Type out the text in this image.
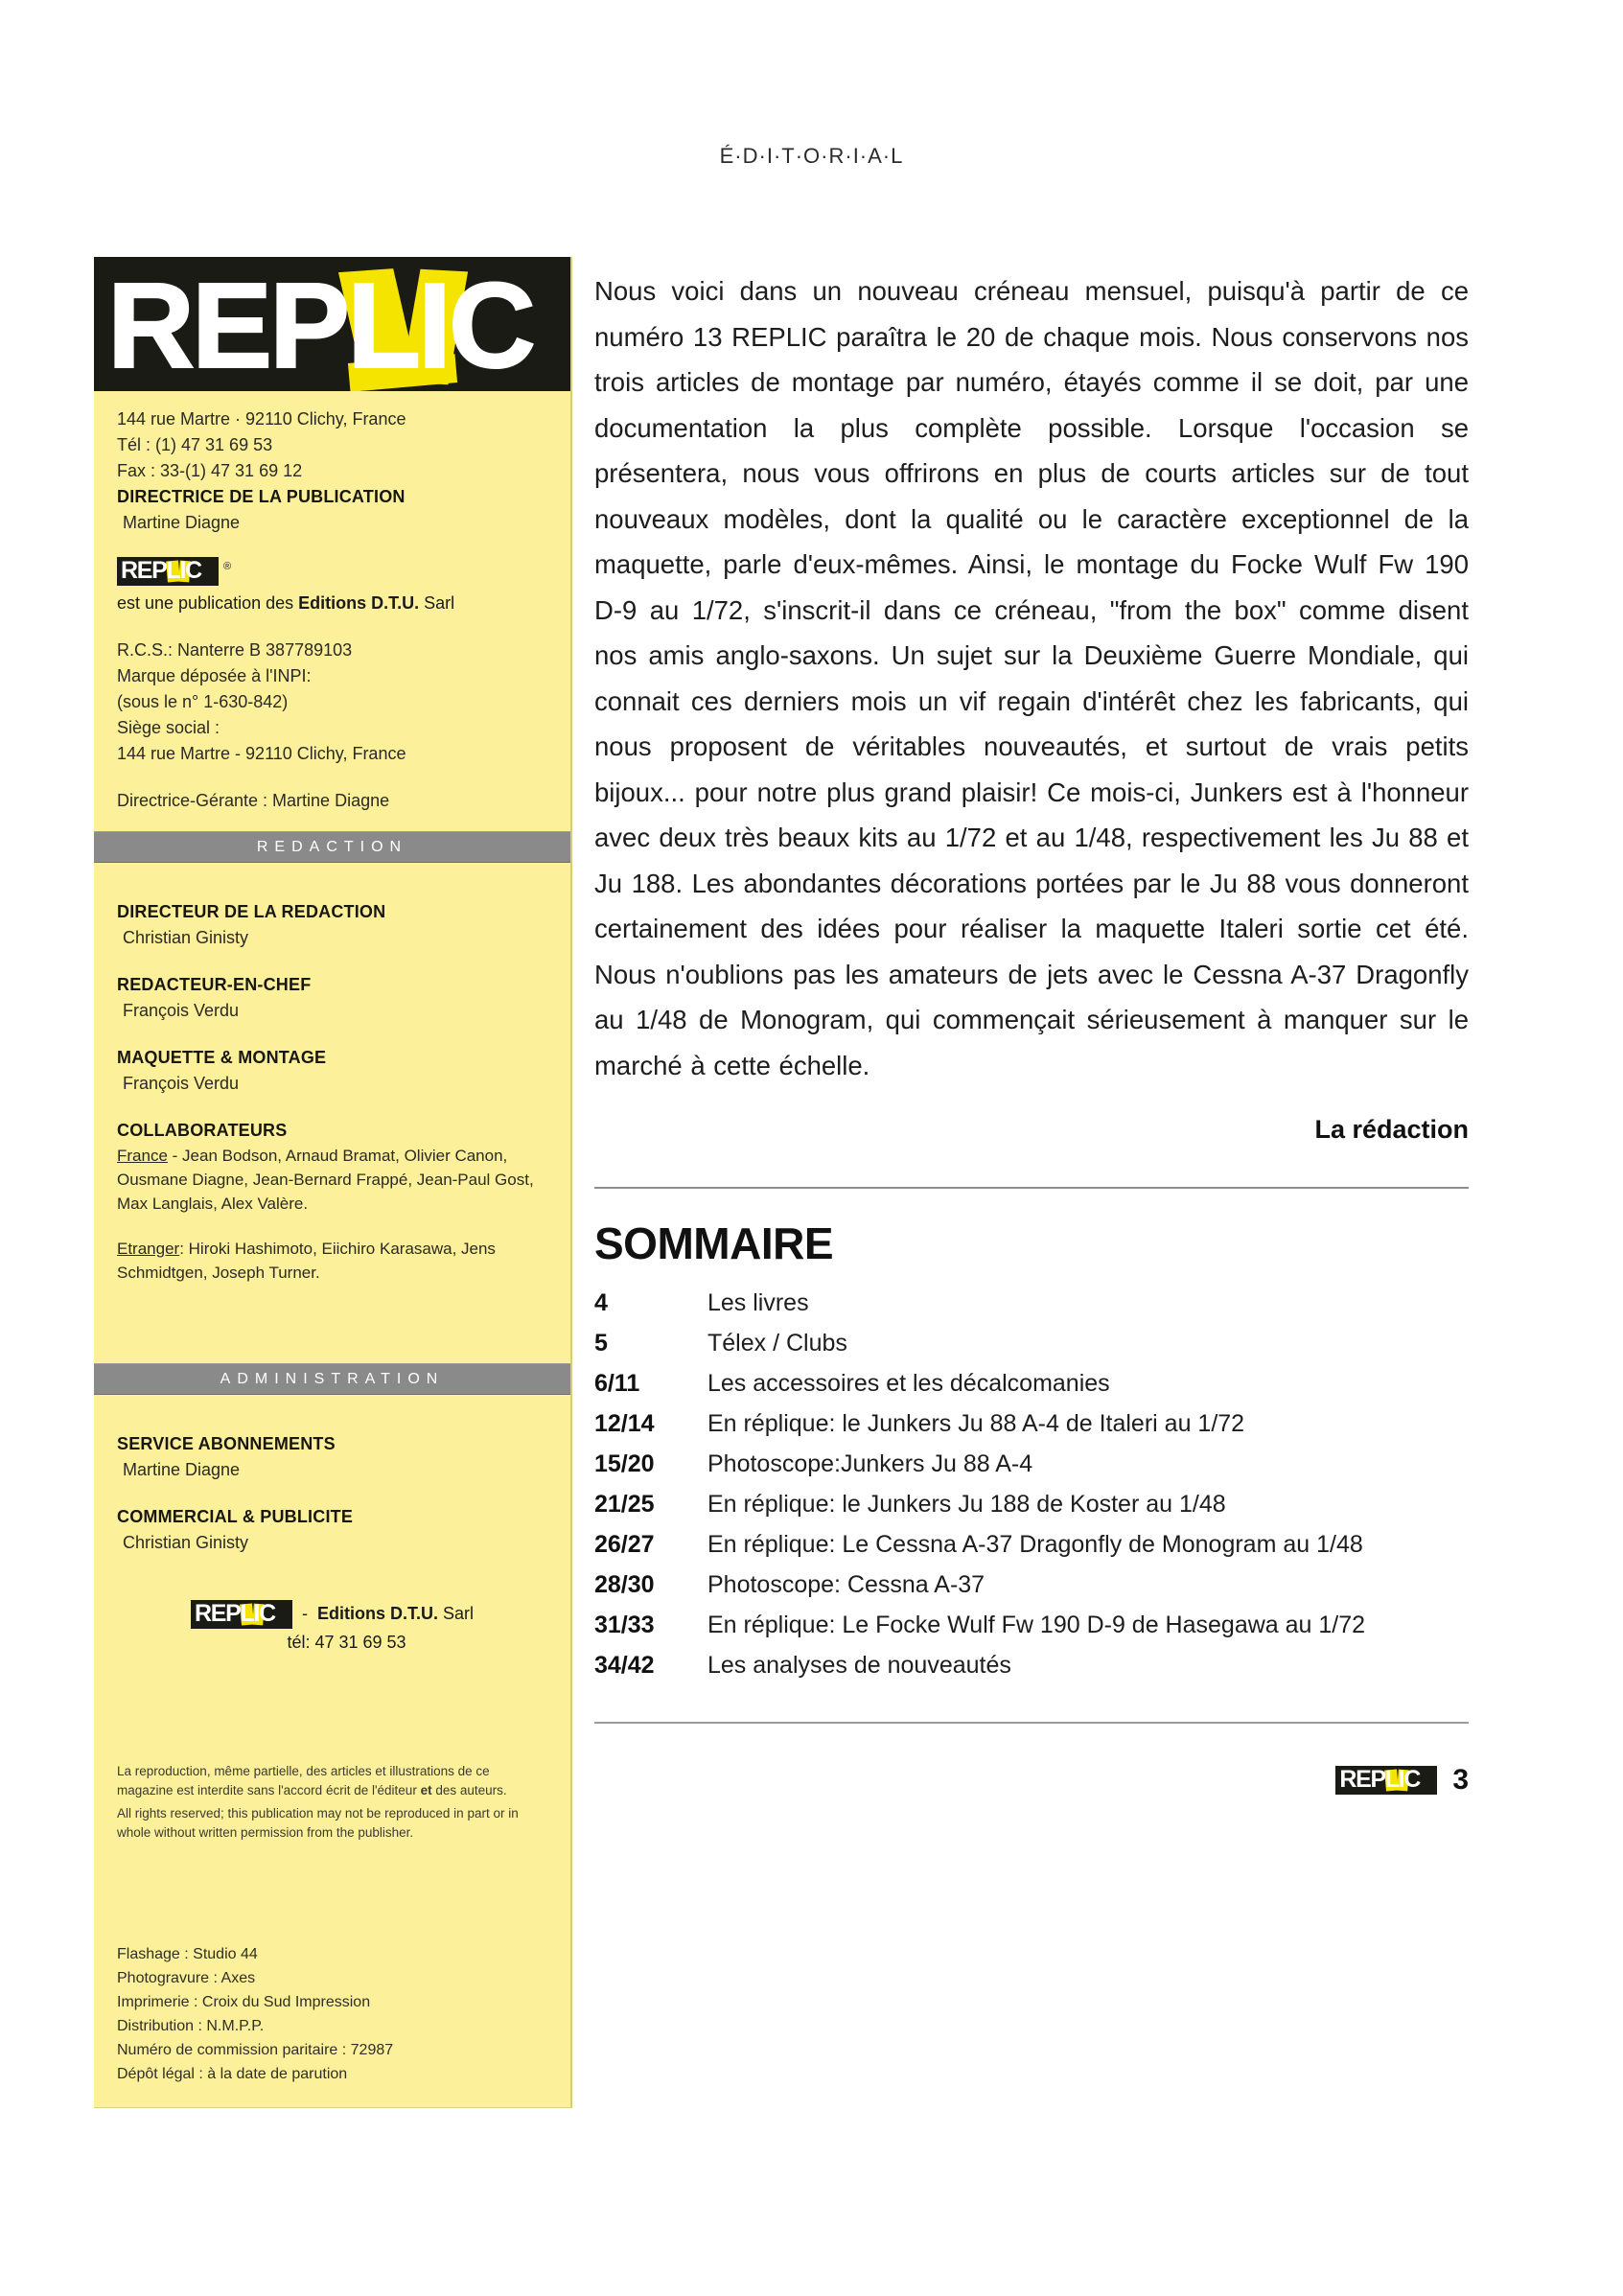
É·D·I·T·O·R·I·A·L
REPLIC
144 rue Martre · 92110 Clichy, France
Tél : (1) 47 31 69 53
Fax : 33-(1) 47 31 69 12
DIRECTRICE DE LA PUBLICATION
Martine Diagne
REPLIC ®
est une publication des Editions D.T.U. Sarl
R.C.S.: Nanterre B 387789103
Marque déposée à l'INPI:
(sous le n° 1-630-842)
Siège social :
144 rue Martre - 92110 Clichy, France
Directrice-Gérante : Martine Diagne
REDACTION
DIRECTEUR DE LA REDACTION
Christian Ginisty
REDACTEUR-EN-CHEF
François Verdu
MAQUETTE & MONTAGE
François Verdu
COLLABORATEURS
France - Jean Bodson, Arnaud Bramat, Olivier Canon, Ousmane Diagne, Jean-Bernard Frappé, Jean-Paul Gost, Max Langlais, Alex Valère.
Etranger: Hiroki Hashimoto, Eiichiro Karasawa, Jens Schmidtgen, Joseph Turner.
ADMINISTRATION
SERVICE ABONNEMENTS
Martine Diagne
COMMERCIAL & PUBLICITE
Christian Ginisty
REPLIC - Editions D.T.U. Sarl
tél: 47 31 69 53
La reproduction, même partielle, des articles et illustrations de ce magazine est interdite sans l'accord écrit de l'éditeur et des auteurs.
All rights reserved; this publication may not be reproduced in part or in whole without written permission from the publisher.
Flashage : Studio 44
Photogravure : Axes
Imprimerie : Croix du Sud Impression
Distribution : N.M.P.P.
Numéro de commission paritaire : 72987
Dépôt légal : à la date de parution
Nous voici dans un nouveau créneau mensuel, puisqu'à partir de ce numéro 13 REPLIC paraîtra le 20 de chaque mois. Nous conservons nos trois articles de montage par numéro, étayés comme il se doit, par une documentation la plus complète possible. Lorsque l'occasion se présentera, nous vous offrirons en plus de courts articles sur de tout nouveaux modèles, dont la qualité ou le caractère exceptionnel de la maquette, parle d'eux-mêmes. Ainsi, le montage du Focke Wulf Fw 190 D-9 au 1/72, s'inscrit-il dans ce créneau, "from the box" comme disent nos amis anglo-saxons. Un sujet sur la Deuxième Guerre Mondiale, qui connait ces derniers mois un vif regain d'intérêt chez les fabricants, qui nous proposent de véritables nouveautés, et surtout de vrais petits bijoux... pour notre plus grand plaisir! Ce mois-ci, Junkers est à l'honneur avec deux très beaux kits au 1/72 et au 1/48, respectivement les Ju 88 et Ju 188. Les abondantes décorations portées par le Ju 88 vous donneront certainement des idées pour réaliser la maquette Italeri sortie cet été. Nous n'oublions pas les amateurs de jets avec le Cessna A-37 Dragonfly au 1/48 de Monogram, qui commençait sérieusement à manquer sur le marché à cette échelle.
La rédaction
SOMMAIRE
4	Les livres
5	Télex / Clubs
6/11	Les accessoires et les décalcomanies
12/14	En réplique: le Junkers Ju 88 A-4 de Italeri au 1/72
15/20	Photoscope:Junkers Ju 88 A-4
21/25	En réplique: le Junkers Ju 188 de Koster au 1/48
26/27	En réplique: Le Cessna A-37 Dragonfly de Monogram au 1/48
28/30	Photoscope: Cessna A-37
31/33	En réplique: Le Focke Wulf Fw 190 D-9 de Hasegawa au 1/72
34/42	Les analyses de nouveautés
REPLIC	3
